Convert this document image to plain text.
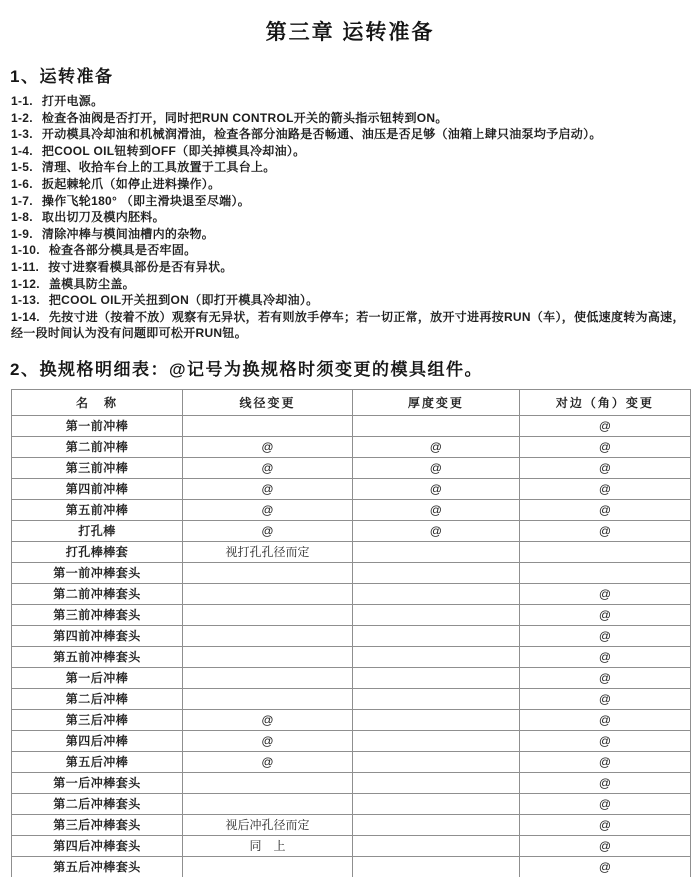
第三章 运转准备
1、运转准备
1-1. 打开电源。
1-2. 检查各油阀是否打开，同时把RUN CONTROL开关的箭头指示钮转到ON。
1-3. 开动模具冷却油和机械润滑油，检查各部分油路是否畅通、油压是否足够（油箱上肆只油泵均予启动）。
1-4. 把COOL OIL钮转到OFF（即关掉模具冷却油）。
1-5. 清理、收拾车台上的工具放置于工具台上。
1-6. 扳起棘轮爪（如停止进料操作）。
1-7. 操作飞轮180° （即主滑块退至尽端）。
1-8. 取出切刀及模内胚料。
1-9. 清除冲棒与模间油槽内的杂物。
1-10. 检查各部分模具是否牢固。
1-11. 按寸进察看模具部份是否有异状。
1-12. 盖模具防尘盖。
1-13. 把COOL OIL开关扭到ON（即打开模具冷却油）。
1-14. 先按寸进（按着不放）观察有无异状，若有则放手停车；若一切正常，放开寸进再按RUN（车），使低速度转为高速，经一段时间认为没有问题即可松开RUN钮。
2、换规格明细表：@记号为换规格时须变更的模具组件。
名　称	线径变更	厚度变更	对边（角）变更
第一前冲棒			@
第二前冲棒	@	@	@
第三前冲棒	@	@	@
第四前冲棒	@	@	@
第五前冲棒	@	@	@
打孔棒	@	@	@
打孔棒棒套	视打孔孔径而定		
第一前冲棒套头			
第二前冲棒套头			@
第三前冲棒套头			@
第四前冲棒套头			@
第五前冲棒套头			@
第一后冲棒			@
第二后冲棒			@
第三后冲棒	@		@
第四后冲棒	@		@
第五后冲棒	@		@
第一后冲棒套头			@
第二后冲棒套头			@
第三后冲棒套头	视后冲孔径而定		@
第四后冲棒套头	同　上		@
第五后冲棒套头			@
